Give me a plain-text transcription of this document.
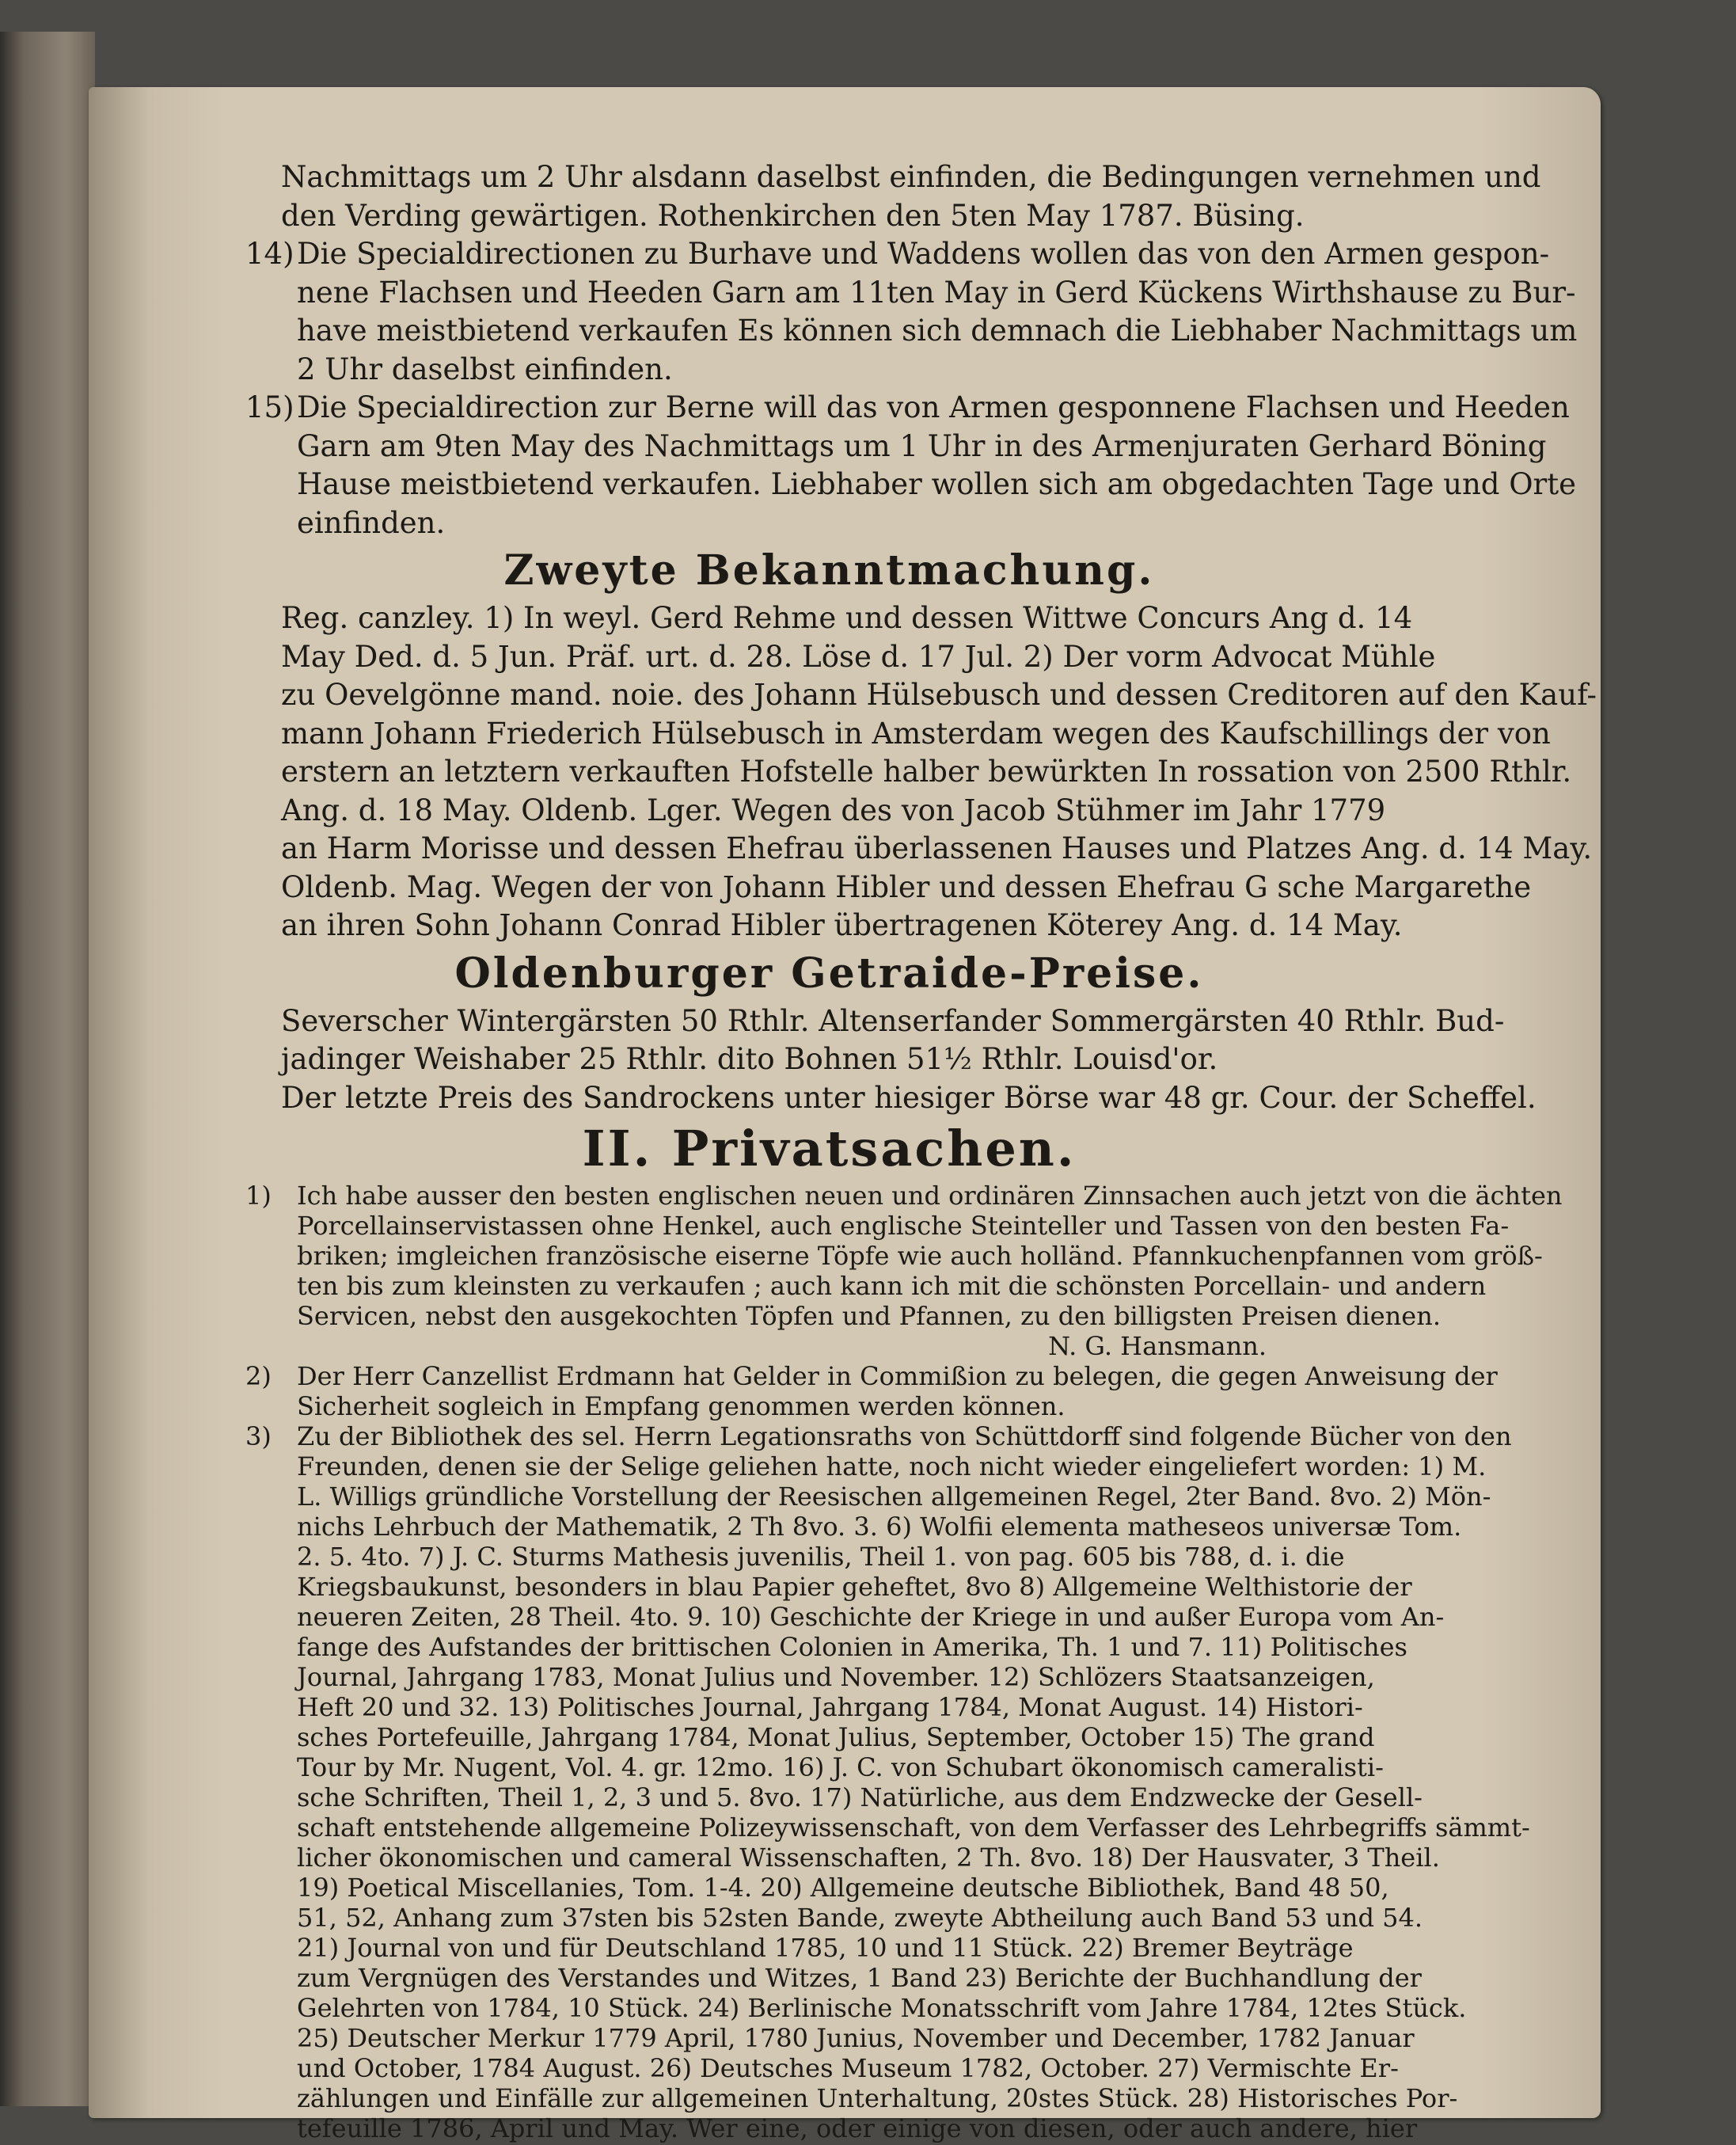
Nachmittags um 2 Uhr alsdann daselbst einfinden, die Bedingungen vernehmen und
den Verding gewärtigen. Rothenkirchen den 5ten May 1787. Büsing.
14) Die Specialdirectionen zu Burhave und Waddens wollen das von den Armen gespon-
nene Flachsen und Heeden Garn am 11ten May in Gerd Kückens Wirthshause zu Bur-
have meistbietend verkaufen Es können sich demnach die Liebhaber Nachmittags um
2 Uhr daselbst einfinden.
15) Die Specialdirection zur Berne will das von Armen gesponnene Flachsen und Heeden
Garn am 9ten May des Nachmittags um 1 Uhr in des Armenjuraten Gerhard Böning
Hause meistbietend verkaufen. Liebhaber wollen sich am obgedachten Tage und Orte
einfinden.
Zweyte Bekanntmachung.
Reg. canzley. 1) In weyl. Gerd Rehme und dessen Wittwe Concurs Ang d. 14
May Ded. d. 5 Jun. Präf. urt. d. 28. Löse d. 17 Jul. 2) Der vorm Advocat Mühle
zu Oevelgönne mand. noie. des Johann Hülsebusch und dessen Creditoren auf den Kauf-
mann Johann Friederich Hülsebusch in Amsterdam wegen des Kaufschillings der von
erstern an letztern verkauften Hofstelle halber bewürkten In rossation von 2500 Rthlr.
Ang. d. 18 May. Oldenb. Lger. Wegen des von Jacob Stühmer im Jahr 1779
an Harm Morisse und dessen Ehefrau überlassenen Hauses und Platzes Ang. d. 14 May.
Oldenb. Mag. Wegen der von Johann Hibler und dessen Ehefrau G sche Margarethe
an ihren Sohn Johann Conrad Hibler übertragenen Köterey Ang. d. 14 May.
Oldenburger Getraide-Preise.
Severscher Wintergärsten 50 Rthlr. Altenserfander Sommergärsten 40 Rthlr. Bud-
jadinger Weishaber 25 Rthlr. dito Bohnen 51½ Rthlr. Louisd'or.
Der letzte Preis des Sandrockens unter hiesiger Börse war 48 gr. Cour. der Scheffel.
II. Privatsachen.
1)	Ich habe ausser den besten englischen neuen und ordinären Zinnsachen auch jetzt von die ächten
Porcellainservistassen ohne Henkel, auch englische Steinteller und Tassen von den besten Fa-
briken; imgleichen französische eiserne Töpfe wie auch holländ. Pfannkuchenpfannen vom größ-
ten bis zum kleinsten zu verkaufen ; auch kann ich mit die schönsten Porcellain- und andern
Servicen, nebst den ausgekochten Töpfen und Pfannen, zu den billigsten Preisen dienen.
N. G. Hansmann.
2)	Der Herr Canzellist Erdmann hat Gelder in Commißion zu belegen, die gegen Anweisung der
Sicherheit sogleich in Empfang genommen werden können.
3)	Zu der Bibliothek des sel. Herrn Legationsraths von Schüttdorff sind folgende Bücher von den
Freunden, denen sie der Selige geliehen hatte, noch nicht wieder eingeliefert worden: 1) M.
L. Willigs gründliche Vorstellung der Reesischen allgemeinen Regel, 2ter Band. 8vo. 2) Mön-
nichs Lehrbuch der Mathematik, 2 Th 8vo. 3. 6) Wolfii elementa matheseos universæ Tom.
2. 5. 4to. 7) J. C. Sturms Mathesis juvenilis, Theil 1. von pag. 605 bis 788, d. i. die
Kriegsbaukunst, besonders in blau Papier geheftet, 8vo 8) Allgemeine Welthistorie der
neueren Zeiten, 28 Theil. 4to. 9. 10) Geschichte der Kriege in und außer Europa vom An-
fange des Aufstandes der brittischen Colonien in Amerika, Th. 1 und 7. 11) Politisches
Journal, Jahrgang 1783, Monat Julius und November. 12) Schlözers Staatsanzeigen,
Heft 20 und 32. 13) Politisches Journal, Jahrgang 1784, Monat August. 14) Histori-
sches Portefeuille, Jahrgang 1784, Monat Julius, September, October 15) The grand
Tour by Mr. Nugent, Vol. 4. gr. 12mo. 16) J. C. von Schubart ökonomisch cameralisti-
sche Schriften, Theil 1, 2, 3 und 5. 8vo. 17) Natürliche, aus dem Endzwecke der Gesell-
schaft entstehende allgemeine Polizeywissenschaft, von dem Verfasser des Lehrbegriffs sämmt-
licher ökonomischen und cameral Wissenschaften, 2 Th. 8vo. 18) Der Hausvater, 3 Theil.
19) Poetical Miscellanies, Tom. 1-4. 20) Allgemeine deutsche Bibliothek, Band 48 50,
51, 52, Anhang zum 37sten bis 52sten Bande, zweyte Abtheilung auch Band 53 und 54.
21) Journal von und für Deutschland 1785, 10 und 11 Stück. 22) Bremer Beyträge
zum Vergnügen des Verstandes und Witzes, 1 Band 23) Berichte der Buchhandlung der
Gelehrten von 1784, 10 Stück. 24) Berlinische Monatsschrift vom Jahre 1784, 12tes Stück.
25) Deutscher Merkur 1779 April, 1780 Junius, November und December, 1782 Januar
und October, 1784 August. 26) Deutsches Museum 1782, October. 27) Vermischte Er-
zählungen und Einfälle zur allgemeinen Unterhaltung, 20stes Stück. 28) Historisches Por-
tefeuille 1786, April und May. Wer eine, oder einige von diesen, oder auch andere, hier
